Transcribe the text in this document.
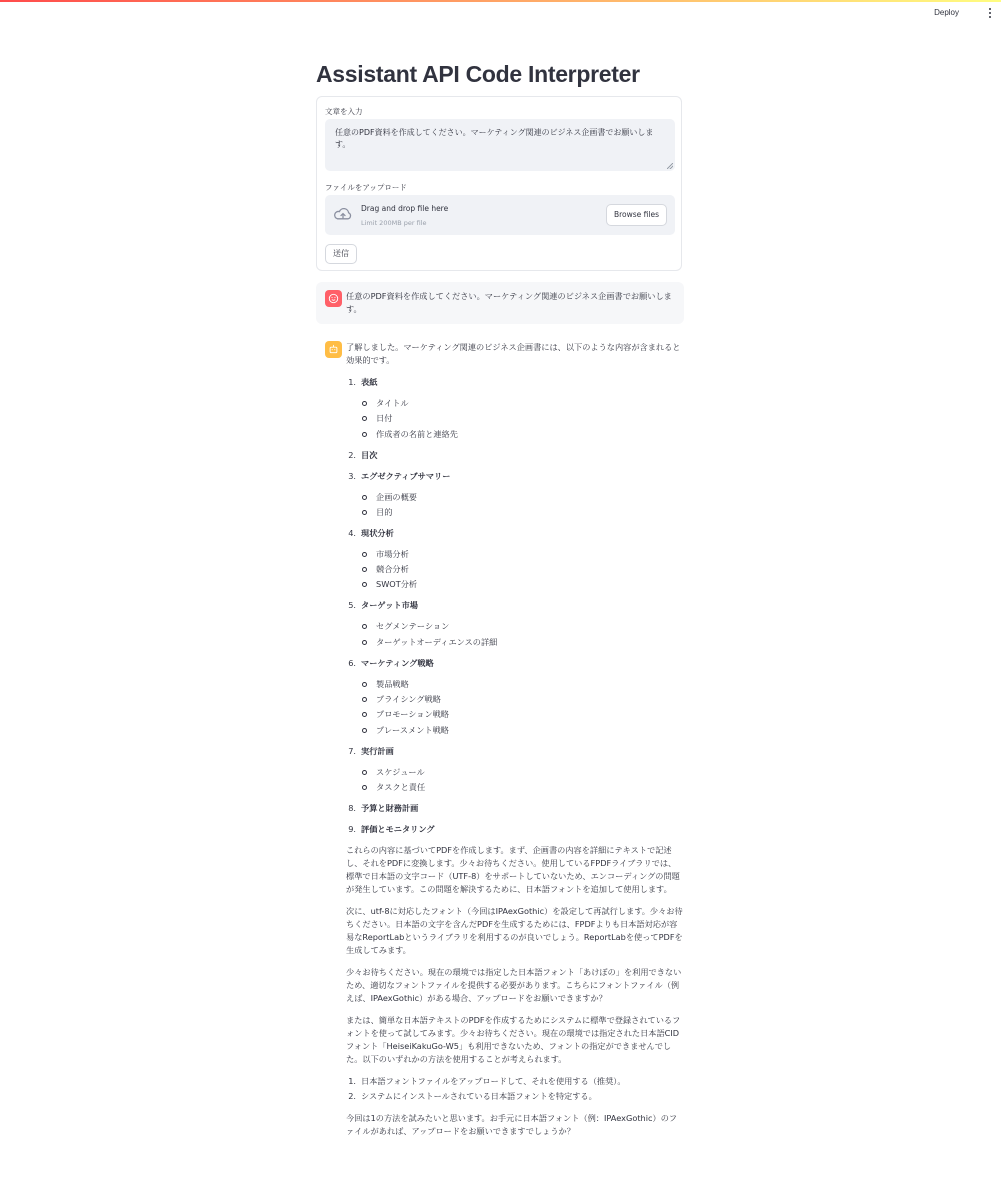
Deploy
Assistant API Code Interpreter
文章を入力
任意のPDF資料を作成してください。マーケティング関連のビジネス企画書でお願いします。
ファイルをアップロード
Drag and drop file here
Limit 200MB per file
Browse files
送信
任意のPDF資料を作成してください。マーケティング関連のビジネス企画書でお願いします。

了解しました。マーケティング関連のビジネス企画書には、以下のような内容が含まれると効果的です。

1. 表紙
タイトル
日付
作成者の名前と連絡先
2. 目次
3. エグゼクティブサマリー
企画の概要
目的
4. 現状分析
市場分析
競合分析
SWOT分析
5. ターゲット市場
セグメンテーション
ターゲットオーディエンスの詳細
6. マーケティング戦略
製品戦略
プライシング戦略
プロモーション戦略
プレースメント戦略
7. 実行計画
スケジュール
タスクと責任
8. 予算と財務計画
9. 評価とモニタリング

これらの内容に基づいてPDFを作成します。まず、企画書の内容を詳細にテキストで記述し、それをPDFに変換します。少々お待ちください。使用しているFPDFライブラリでは、標準で日本語の文字コード（UTF-8）をサポートしていないため、エンコーディングの問題が発生しています。この問題を解決するために、日本語フォントを追加して使用します。

次に、utf-8に対応したフォント（今回はIPAexGothic）を設定して再試行します。少々お待ちください。日本語の文字を含んだPDFを生成するためには、FPDFよりも日本語対応が容易なReportLabというライブラリを利用するのが良いでしょう。ReportLabを使ってPDFを生成してみます。

少々お待ちください。現在の環境では指定した日本語フォント「あけぼの」を利用できないため、適切なフォントファイルを提供する必要があります。こちらにフォントファイル（例えば、IPAexGothic）がある場合、アップロードをお願いできますか？

または、簡単な日本語テキストのPDFを作成するためにシステムに標準で登録されているフォントを使って試してみます。少々お待ちください。現在の環境では指定された日本語CIDフォント「HeiseiKakuGo-W5」も利用できないため、フォントの指定ができませんでした。以下のいずれかの方法を使用することが考えられます。

1. 日本語フォントファイルをアップロードして、それを使用する（推奨）。
2. システムにインストールされている日本語フォントを特定する。

今回は1の方法を試みたいと思います。お手元に日本語フォント（例：IPAexGothic）のファイルがあれば、アップロードをお願いできますでしょうか？
